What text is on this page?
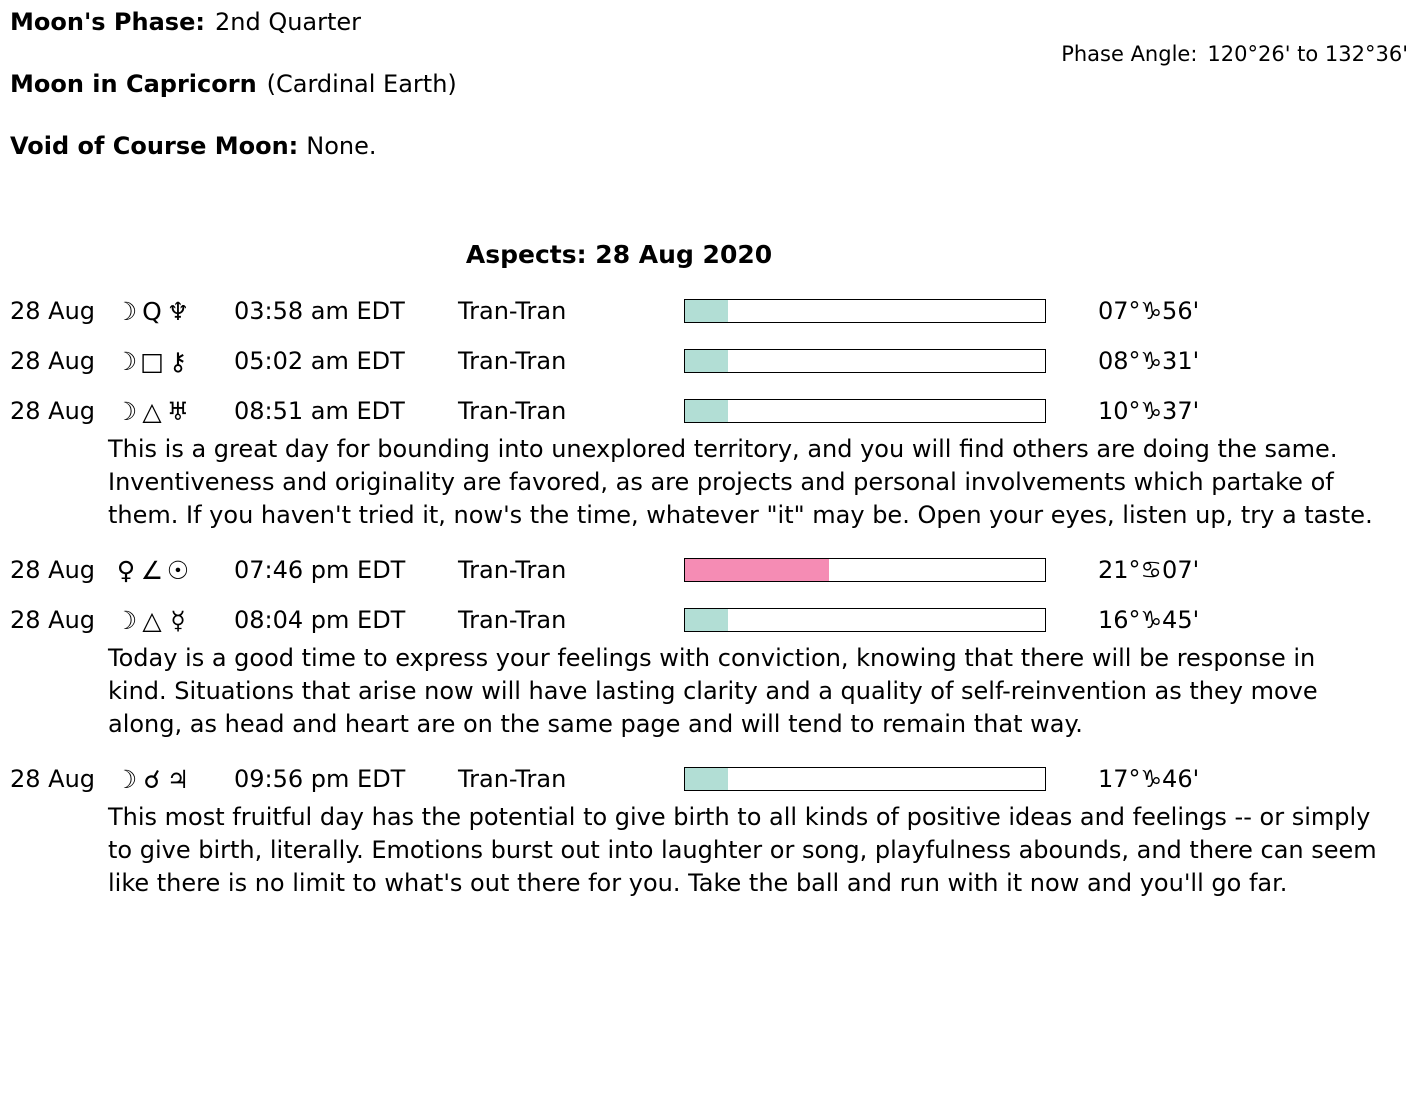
Moon's Phase: 2nd Quarter

Phase Angle: 120°26' to 132°36'

Moon in Capricorn (Cardinal Earth)
Void of Course Moon: None.
Aspects: 28 Aug 2020
28 Aug ☽ Q ♆	03:58 am EDT	Tran-Tran	07°♑56'
28 Aug ☽□ ⚷	05:02 am EDT	Tran-Tran	08°♑31'
28 Aug ☽ △ ♅	08:51 am EDT	Tran-Tran	10°♑37'
This is a great day for bounding into unexplored territory, and you will find others are doing the same. Inventiveness and originality are favored, as are projects and personal involvements which partake of them. If you haven't tried it, now's the time, whatever "it" may be. Open your eyes, listen up, try a taste.
28 Aug ♀ ∠☉	07:46 pm EDT	Tran-Tran	21°♋07'
28 Aug ☽ △ ☿	08:04 pm EDT	Tran-Tran	16°♑45'
Today is a good time to express your feelings with conviction, knowing that there will be response in kind. Situations that arise now will have lasting clarity and a quality of self-reinvention as they move along, as head and heart are on the same page and will tend to remain that way.
28 Aug ☽ ☌ ♃	09:56 pm EDT	Tran-Tran	17°♑46'
This most fruitful day has the potential to give birth to all kinds of positive ideas and feelings -- or simply to give birth, literally. Emotions burst out into laughter or song, playfulness abounds, and there can seem like there is no limit to what's out there for you. Take the ball and run with it now and you'll go far.
